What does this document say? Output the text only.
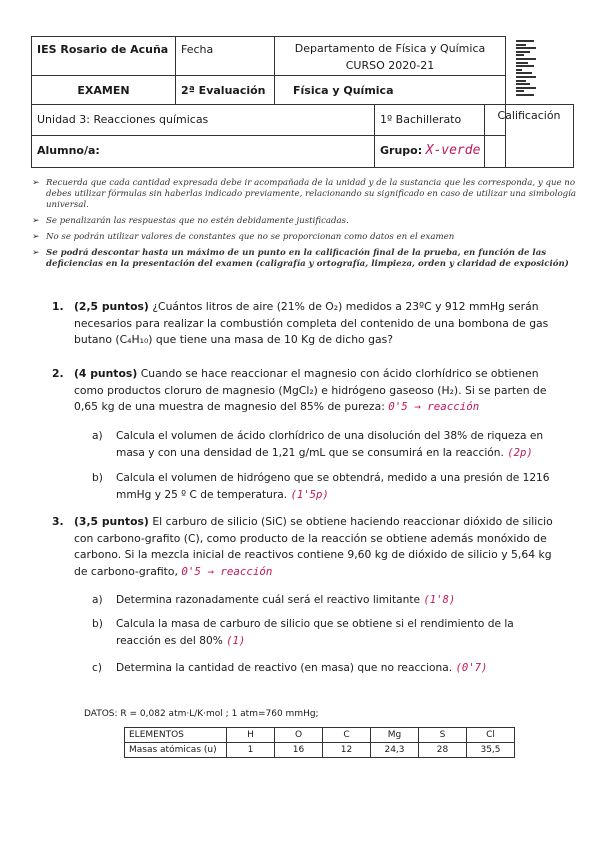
IES Rosario de Acuña	Fecha	Departamento de Física y Química
CURSO 2020-21
EXAMEN	2ª Evaluación	Física y Química
Unidad 3: Reacciones químicas	1º Bachillerato
Alumno/a:	Grupo: X-verde
Calificación
➢ Recuerda que cada cantidad expresada debe ir acompañada de la unidad y de la sustancia que les corresponda, y que no debes utilizar fórmulas sin haberlas indicado previamente, relacionando su significado en caso de utilizar una simbología universal.
➢ Se penalizarán las respuestas que no estén debidamente justificadas.
➢ No se podrán utilizar valores de constantes que no se proporcionan como datos en el examen
➢ Se podrá descontar hasta un máximo de un punto en la calificación final de la prueba, en función de las deficiencias en la presentación del examen (caligrafía y ortografía, limpieza, orden y claridad de exposición)
1. (2,5 puntos) ¿Cuántos litros de aire (21% de O₂) medidos a 23ºC y 912 mmHg serán necesarios para realizar la combustión completa del contenido de una bombona de gas butano (C₄H₁₀) que tiene una masa de 10 Kg de dicho gas?
2. (4 puntos) Cuando se hace reaccionar el magnesio con ácido clorhídrico se obtienen como productos cloruro de magnesio (MgCl₂) e hidrógeno gaseoso (H₂). Si se parten de 0,65 kg de una muestra de magnesio del 85% de pureza: 0'5 → reacción
a) Calcula el volumen de ácido clorhídrico de una disolución del 38% de riqueza en masa y con una densidad de 1,21 g/mL que se consumirá en la reacción. (2p)
b) Calcula el volumen de hidrógeno que se obtendrá, medido a una presión de 1216 mmHg y 25 º C de temperatura. (1'5p)
3. (3,5 puntos) El carburo de silicio (SiC) se obtiene haciendo reaccionar dióxido de silicio con carbono-grafito (C), como producto de la reacción se obtiene además monóxido de carbono. Si la mezcla inicial de reactivos contiene 9,60 kg de dióxido de silicio y 5,64 kg de carbono-grafito, 0'5 → reacción
a) Determina razonadamente cuál será el reactivo limitante (1'8)
b) Calcula la masa de carburo de silicio que se obtiene si el rendimiento de la reacción es del 80% (1)
c) Determina la cantidad de reactivo (en masa) que no reacciona. (0'7)
DATOS: R = 0,082 atm·L/K·mol ; 1 atm=760 mmHg;
ELEMENTOS	H	O	C	Mg	S	Cl
Masas atómicas (u)	1	16	12	24,3	28	35,5
